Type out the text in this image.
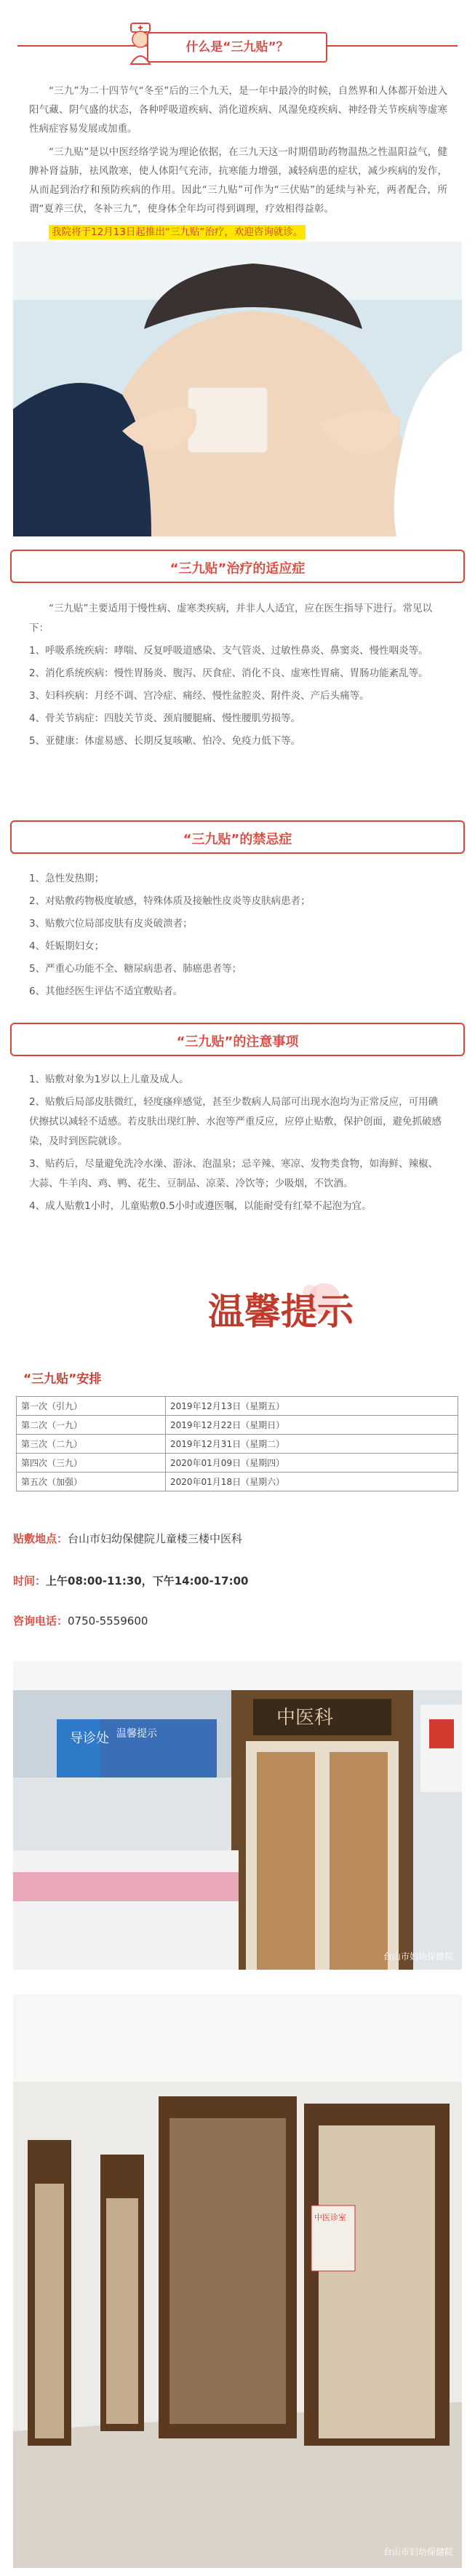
什么是“三九贴”？

“三九”为二十四节气“冬至”后的三个九天，是一年中最冷的时候，自然界和人体都开始进入阳气藏、阴气盛的状态，各种呼吸道疾病、消化道疾病、风湿免疫疾病、神经骨关节疾病等虚寒性病症容易发展或加重。

“三九贴”是以中医经络学说为理论依据，在三九天这一时期借助药物温热之性温阳益气，健脾补肾益肺，祛风散寒，使人体阳气充沛，抗寒能力增强，减轻病患的症状，减少疾病的发作，从而起到治疗和预防疾病的作用。因此“三九贴”可作为“三伏贴”的延续与补充，两者配合，所谓“夏养三伏，冬补三九”，使身体全年均可得到调理，疗效相得益彰。

我院将于12月13日起推出“三九贴”治疗，欢迎咨询就诊。

“三九贴”治疗的适应症

“三九贴”主要适用于慢性病、虚寒类疾病，并非人人适宜，应在医生指导下进行。常见以下：

1、呼吸系统疾病：哮喘、反复呼吸道感染、支气管炎、过敏性鼻炎、鼻窦炎、慢性咽炎等。

2、消化系统疾病：慢性胃肠炎、腹泻、厌食症、消化不良、虚寒性胃痛、胃肠功能紊乱等。

3、妇科疾病：月经不调、宫冷症、痛经、慢性盆腔炎、附件炎、产后头痛等。

4、骨关节病症：四肢关节炎、颈肩腰腿痛、慢性腰肌劳损等。

5、亚健康：体虚易感、长期反复咳嗽、怕冷、免疫力低下等。

“三九贴”的禁忌症

1、急性发热期；

2、对贴敷药物极度敏感，特殊体质及接触性皮炎等皮肤病患者；

3、贴敷穴位局部皮肤有皮炎破溃者；

4、妊娠期妇女；

5、严重心功能不全、糖尿病患者、肺癌患者等；

6、其他经医生评估不适宜敷贴者。

“三九贴”的注意事项

1、贴敷对象为1岁以上儿童及成人。

2、贴敷后局部皮肤微红，轻度瘙痒感觉，甚至少数病人局部可出现水泡均为正常反应，可用碘伏擦拭以减轻不适感。若皮肤出现红肿、水泡等严重反应，应停止贴敷，保护创面，避免抓破感染，及时到医院就诊。

3、贴药后，尽量避免洗冷水澡、游泳、泡温泉；忌辛辣、寒凉、发物类食物，如海鲜、辣椒、大蒜、牛羊肉、鸡、鸭、花生、豆制品、凉菜、冷饮等；少吸烟，不饮酒。

4、成人贴敷1小时，儿童贴敷0.5小时或遵医嘱，以能耐受有红晕不起泡为宜。

温馨提示
“三九贴”安排
第一次（引九）	2019年12月13日（星期五）
第二次（一九）	2019年12月22日（星期日）
第三次（二九）	2019年12月31日（星期二）
第四次（三九）	2020年01月09日（星期四）
第五次（加强）	2020年01月18日（星期六）
贴敷地点：台山市妇幼保健院儿童楼三楼中医科
时间：上午08:00-11:30，下午14:00-17:00
咨询电话：0750-5559600
导诊处 温馨提示
中医科
台山市妇幼保健院
中医诊室
台山市妇幼保健院
